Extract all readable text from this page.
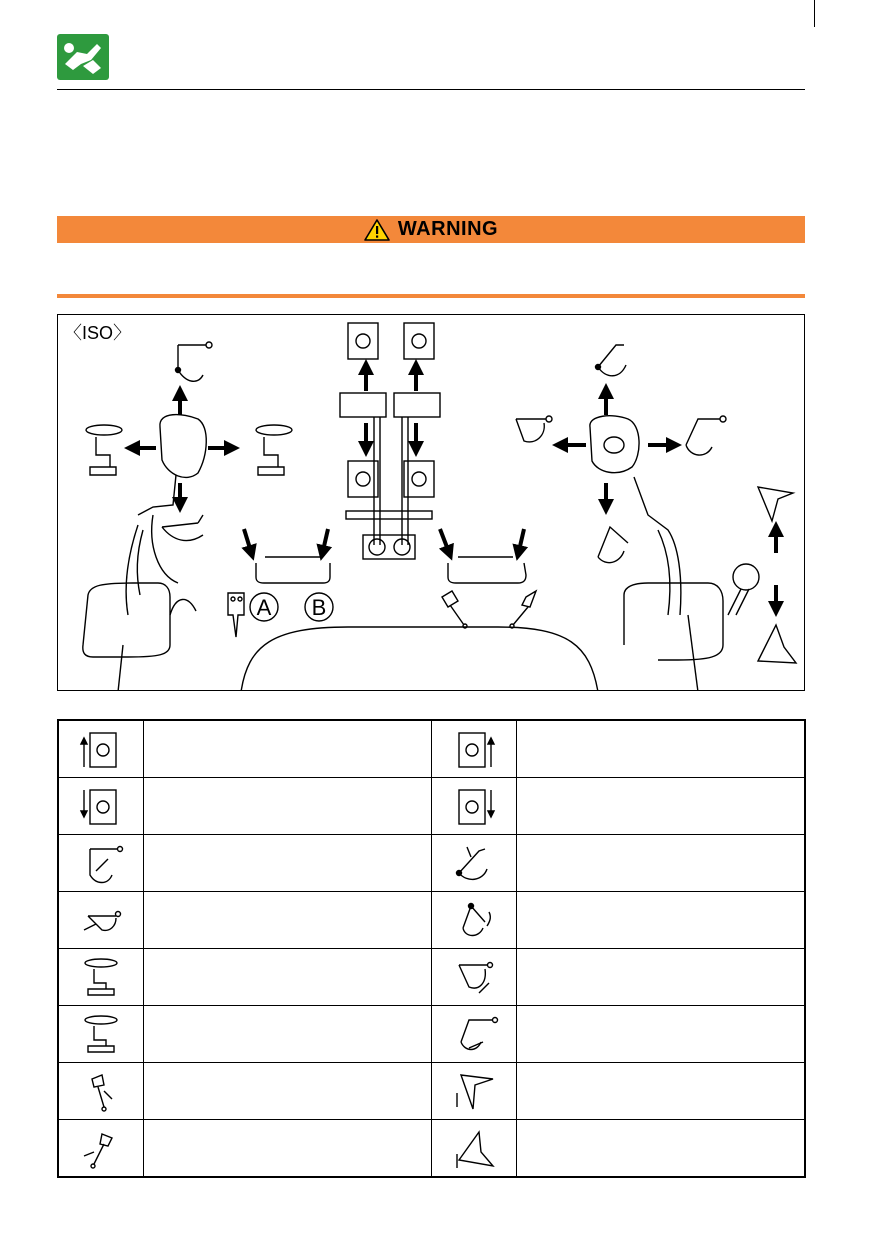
WARNING
〈ISO〉
A B
